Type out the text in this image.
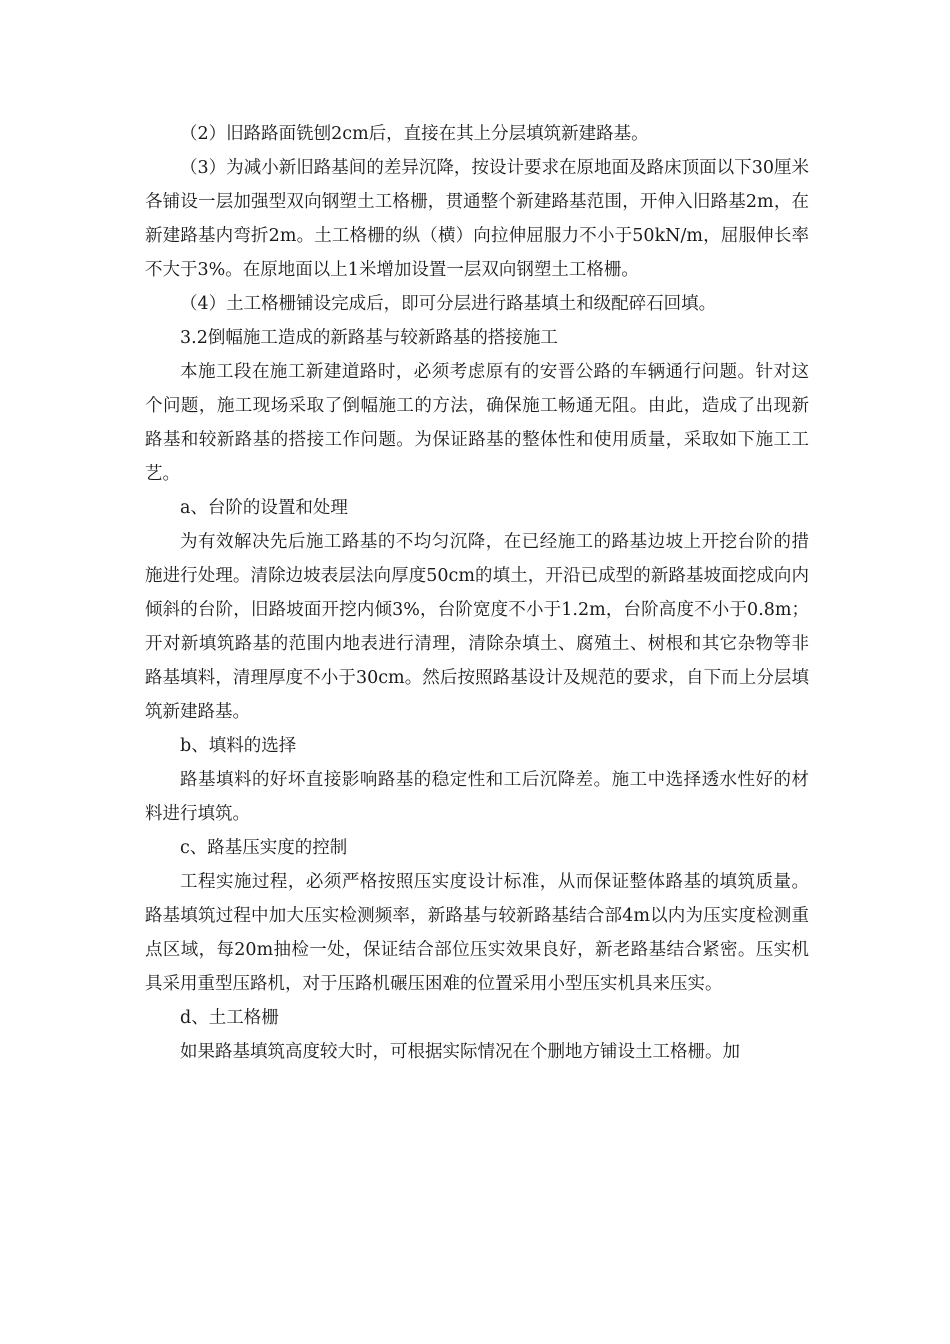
（2）旧路路面铣刨2cm后，直接在其上分层填筑新建路基。

（3）为减小新旧路基间的差异沉降，按设计要求在原地面及路床顶面以下30厘米各铺设一层加强型双向钢塑土工格栅，贯通整个新建路基范围，开伸入旧路基2m，在新建路基内弯折2m。土工格栅的纵（横）向拉伸屈服力不小于50kN/m，屈服伸长率不大于3%。在原地面以上1米增加设置一层双向钢塑土工格栅。

（4）土工格栅铺设完成后，即可分层进行路基填土和级配碎石回填。

3.2倒幅施工造成的新路基与较新路基的搭接施工

本施工段在施工新建道路时，必须考虑原有的安晋公路的车辆通行问题。针对这个问题，施工现场采取了倒幅施工的方法，确保施工畅通无阻。由此，造成了出现新路基和较新路基的搭接工作问题。为保证路基的整体性和使用质量，采取如下施工工艺。

a、台阶的设置和处理

为有效解决先后施工路基的不均匀沉降，在已经施工的路基边坡上开挖台阶的措施进行处理。清除边坡表层法向厚度50cm的填土，开沿已成型的新路基坡面挖成向内倾斜的台阶，旧路坡面开挖内倾3%，台阶宽度不小于1.2m，台阶高度不小于0.8m；开对新填筑路基的范围内地表进行清理，清除杂填土、腐殖土、树根和其它杂物等非路基填料，清理厚度不小于30cm。然后按照路基设计及规范的要求，自下而上分层填筑新建路基。

b、填料的选择

路基填料的好坏直接影响路基的稳定性和工后沉降差。施工中选择透水性好的材料进行填筑。

c、路基压实度的控制

工程实施过程，必须严格按照压实度设计标准，从而保证整体路基的填筑质量。路基填筑过程中加大压实检测频率，新路基与较新路基结合部4m以内为压实度检测重点区域，每20m抽检一处，保证结合部位压实效果良好，新老路基结合紧密。压实机具采用重型压路机，对于压路机碾压困难的位置采用小型压实机具来压实。

d、土工格栅

如果路基填筑高度较大时，可根据实际情况在个删地方铺设土工格栅。加
